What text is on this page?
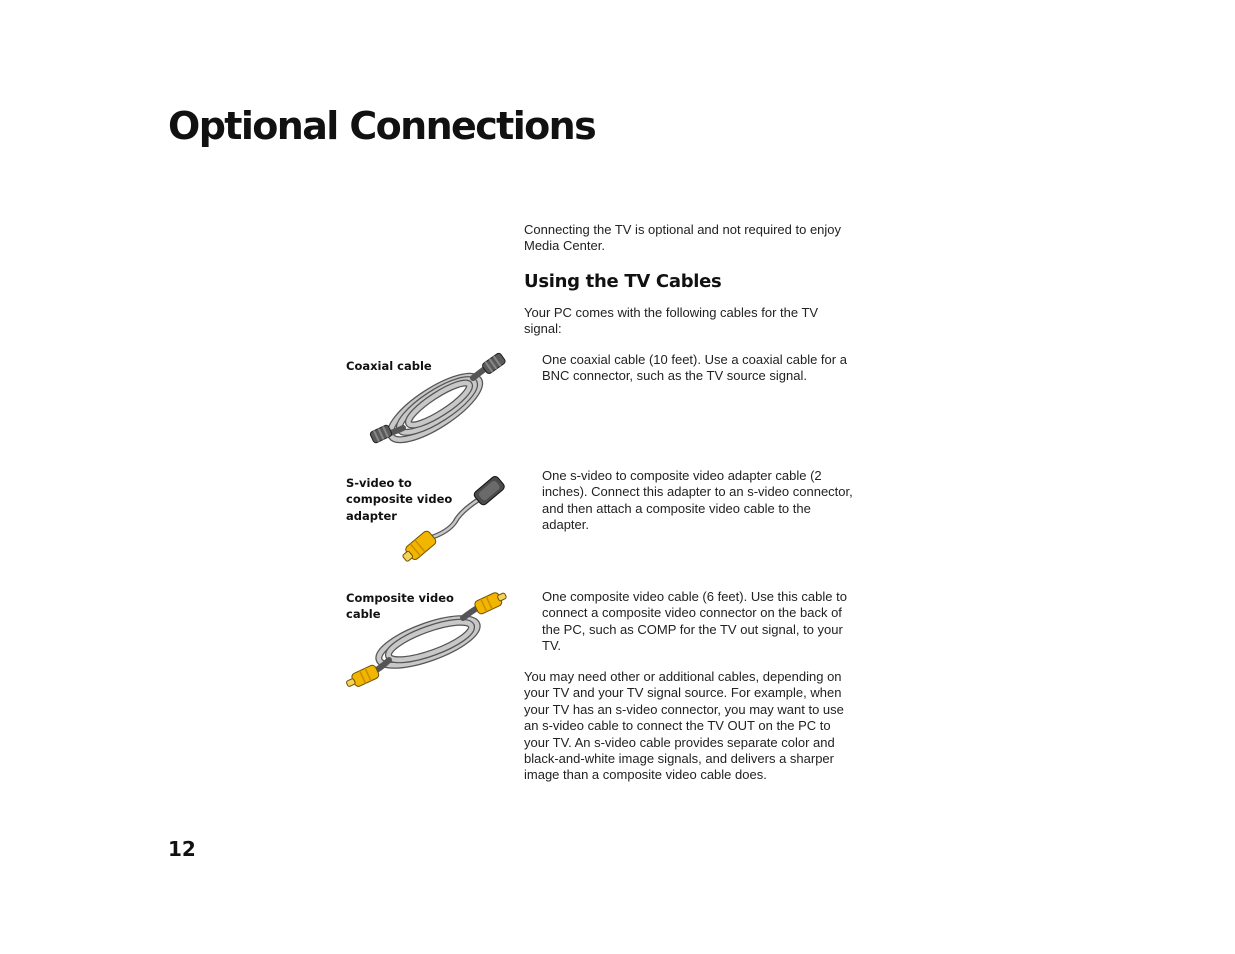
Optional Connections

Connecting the TV is optional and not required to enjoy Media Center.

Using the TV Cables

Your PC comes with the following cables for the TV signal:

Coaxial cable	One coaxial cable (10 feet). Use a coaxial cable for a BNC connector, such as the TV source signal.

S-video to composite video adapter

One s-video to composite video adapter cable (2 inches). Connect this adapter to an s-video connector, and then attach a composite video cable to the adapter.

Composite video cable

One composite video cable (6 feet). Use this cable to connect a composite video connector on the back of the PC, such as COMP for the TV out signal, to your TV.

You may need other or additional cables, depending on your TV and your TV signal source. For example, when your TV has an s-video connector, you may want to use an s-video cable to connect the TV OUT on the PC to your TV. An s-video cable provides separate color and black-and-white image signals, and delivers a sharper image than a composite video cable does.

12
